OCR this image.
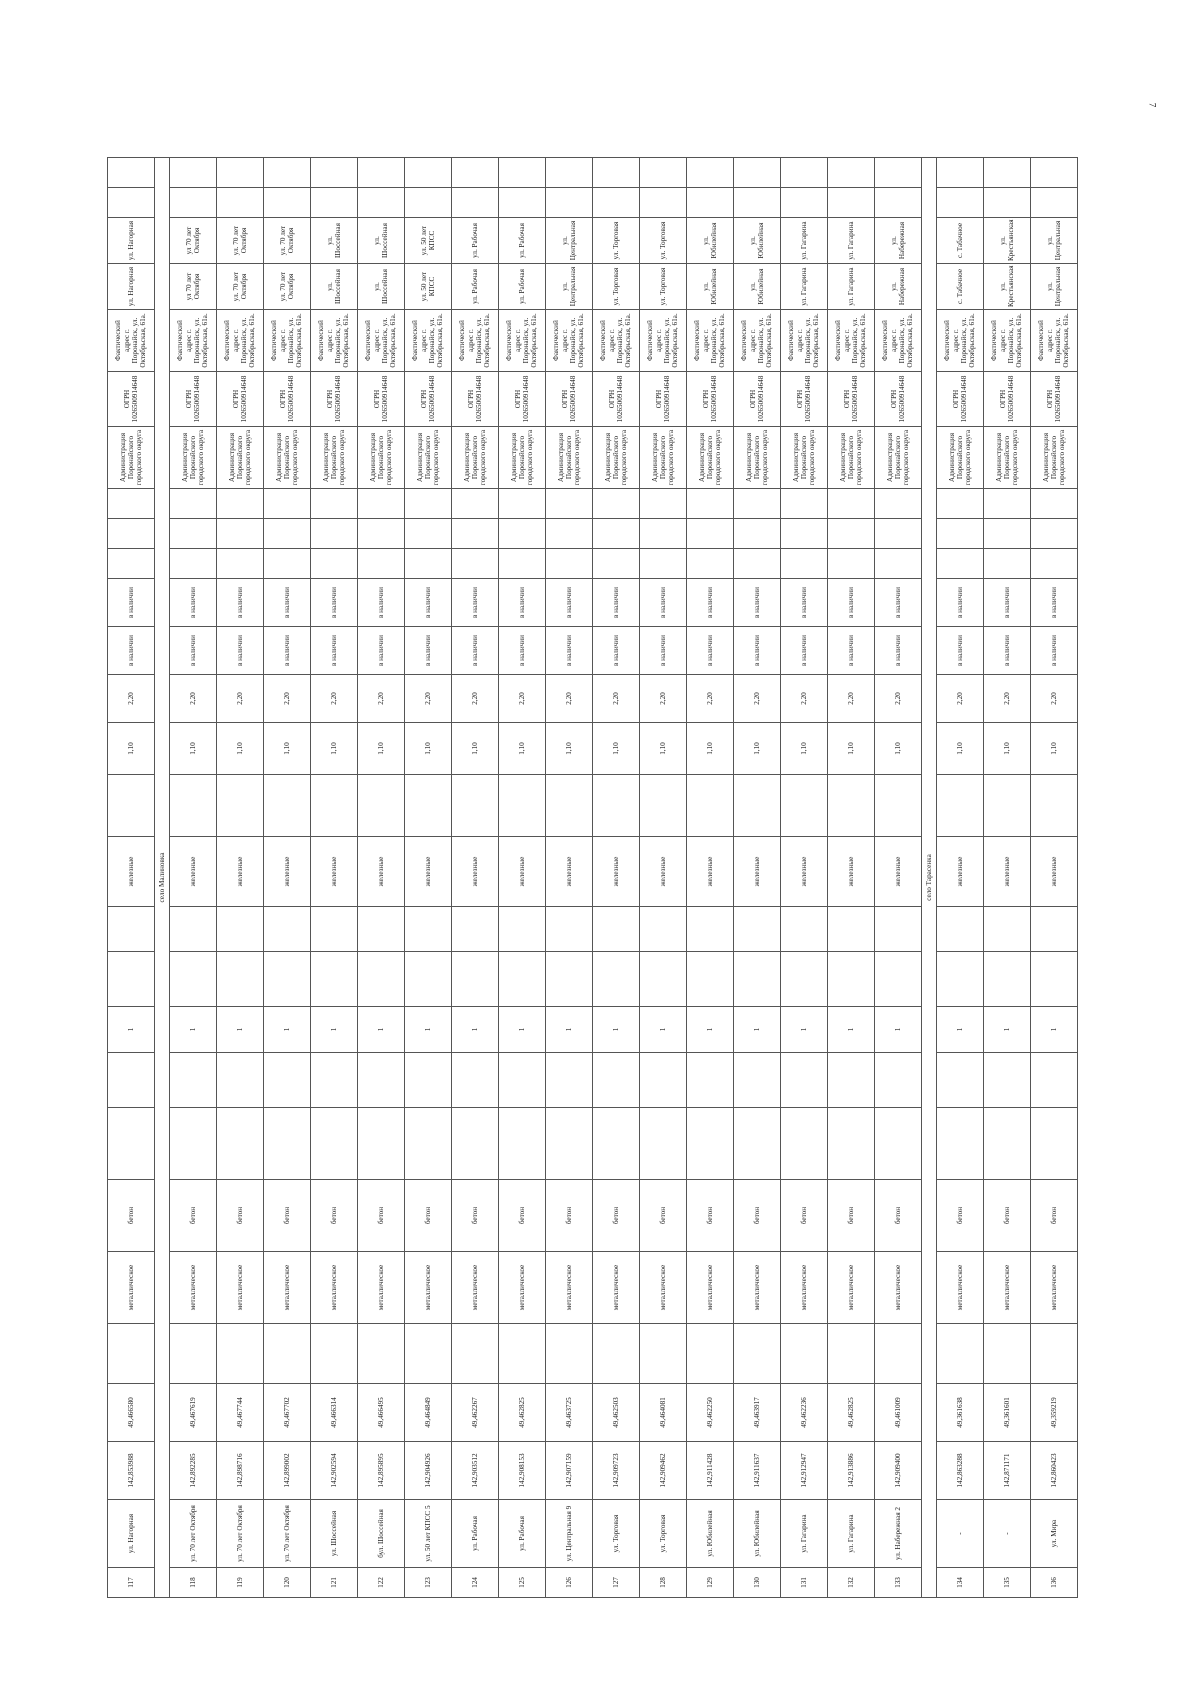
7
117	ул. Нагорная	142,853988	49,466580		металлическое	бетон			1			железные		1,10	2,20	в наличии	в наличии				Администрация Поронайского городского округа	ОГРН 1026500914648	Фактический адрес г. Поронайск, ул. Октябрьская, 61а.	ул. Нагорная	ул. Нагорная		
село Малиновка																											
118	ул. 70 лет Октября	142,892285	49,467619		металлическое	бетон			1			железные		1,10	2,20	в наличии	в наличии				Администрация Поронайского городского округа	ОГРН 1026500914648	Фактический адрес г. Поронайск, ул. Октябрьская, 61а.	ул 70 лет Октября	ул 70 лет Октября		
119	ул. 70 лет Октября	142,898716	49,467744		металлическое	бетон			1			железные		1,10	2,20	в наличии	в наличии				Администрация Поронайского городского округа	ОГРН 1026500914648	Фактический адрес г. Поронайск, ул. Октябрьская, 61а.	ул. 70 лет Октября	ул. 70 лет Октября		
120	ул. 70 лет Октября	142,899002	49,467702		металлическое	бетон			1			железные		1,10	2,20	в наличии	в наличии				Администрация Поронайского городского округа	ОГРН 1026500914648	Фактический адрес г. Поронайск, ул. Октябрьская, 61а.	ул. 70 лет Октября	ул. 70 лет Октября		
121	ул. Шоссейная	142,902594	49,466314		металлическое	бетон			1			железные		1,10	2,20	в наличии	в наличии				Администрация Поронайского городского округа	ОГРН 1026500914648	Фактический адрес г. Поронайск, ул. Октябрьская, 61а.	ул. Шоссейная	ул. Шоссейная		
122	бул. Шоссейная	142,895895	49,466495		металлическое	бетон			1			железные		1,10	2,20	в наличии	в наличии				Администрация Поронайского городского округа	ОГРН 1026500914648	Фактический адрес г. Поронайск, ул. Октябрьская, 61а.	ул. Шоссейная	ул. Шоссейная		
123	ул. 50 лет КПСС 5	142,904926	49,464849		металлическое	бетон			1			железные		1,10	2,20	в наличии	в наличии				Администрация Поронайского городского округа	ОГРН 1026500914648	Фактический адрес г. Поронайск, ул. Октябрьская, 61а.	ул. 50 лет КПСС	ул. 50 лет КПСС		
124	ул. Рабочая	142,903512	49,462267		металлическое	бетон			1			железные		1,10	2,20	в наличии	в наличии				Администрация Поронайского городского округа	ОГРН 1026500914648	Фактический адрес г. Поронайск, ул. Октябрьская, 61а.	ул. Рабочая	ул. Рабочая		
125	ул. Рабочая	142,908153	49,462825		металлическое	бетон			1			железные		1,10	2,20	в наличии	в наличии				Администрация Поронайского городского округа	ОГРН 1026500914648	Фактический адрес г. Поронайск, ул. Октябрьская, 61а.	ул. Рабочая	ул. Рабочая		
126	ул. Центральная 9	142,907159	49,463725		металлическое	бетон			1			железные		1,10	2,20	в наличии	в наличии				Администрация Поронайского городского округа	ОГРН 1026500914648	Фактический адрес г. Поронайск, ул. Октябрьская, 61а.	ул. Центральная	ул. Центральная		
127	ул. Торговая	142,909723	49,462503		металлическое	бетон			1			железные		1,10	2,20	в наличии	в наличии				Администрация Поронайского городского округа	ОГРН 1026500914648	Фактический адрес г. Поронайск, ул. Октябрьская, 61а.	ул. Торговая	ул. Торговая		
128	ул. Торговая	142,909462	49,464081		металлическое	бетон			1			железные		1,10	2,20	в наличии	в наличии				Администрация Поронайского городского округа	ОГРН 1026500914648	Фактический адрес г. Поронайск, ул. Октябрьская, 61а.	ул. Торговая	ул. Торговая		
129	ул. Юбилейная	142,911428	49,462250		металлическое	бетон			1			железные		1,10	2,20	в наличии	в наличии				Администрация Поронайского городского округа	ОГРН 1026500914648	Фактический адрес г. Поронайск, ул. Октябрьская, 61а.	ул. Юбилейная	ул. Юбилейная		
130	ул. Юбилейная	142,911637	49,463917		металлическое	бетон			1			железные		1,10	2,20	в наличии	в наличии				Администрация Поронайского городского округа	ОГРН 1026500914648	Фактический адрес г. Поронайск, ул. Октябрьская, 61а.	ул. Юбилейная	ул. Юбилейная		
131	ул. Гагарина	142,912947	49,462236		металлическое	бетон			1			железные		1,10	2,20	в наличии	в наличии				Администрация Поронайского городского округа	ОГРН 1026500914648	Фактический адрес г. Поронайск, ул. Октябрьская, 61а.	ул. Гагарина	ул. Гагарина		
132	ул. Гагарина	142,913886	49,462825		металлическое	бетон			1			железные		1,10	2,20	в наличии	в наличии				Администрация Поронайского городского округа	ОГРН 1026500914648	Фактический адрес г. Поронайск, ул. Октябрьская, 61а.	ул. Гагарина	ул. Гагарина		
133	ул. Набережная 2	142,909400	49,461009		металлическое	бетон			1			железные		1,10	2,20	в наличии	в наличии				Администрация Поронайского городского округа	ОГРН 1026500914648	Фактический адрес г. Поронайск, ул. Октябрьская, 61а.	ул. Набережная	ул. Набережная		
село Тарасенка																											
134	-	142,863288	49,361638		металлическое	бетон			1			железные		1,10	2,20	в наличии	в наличии				Администрация Поронайского городского округа	ОГРН 1026500914648	Фактический адрес г. Поронайск, ул. Октябрьская, 61а.	с. Табачное	с. Табачное		
135	-	142,871171	49,361601		металлическое	бетон			1			железные		1,10	2,20	в наличии	в наличии				Администрация Поронайского городского округа	ОГРН 1026500914648	Фактический адрес г. Поронайск, ул. Октябрьская, 61а.	ул. Крестьянская	ул. Крестьянская		
136	ул. Мира	142,860423	49,359219		металлическое	бетон			1			железные		1,10	2,20	в наличии	в наличии				Администрация Поронайского городского округа	ОГРН 1026500914648	Фактический адрес г. Поронайск, ул. Октябрьская, 61а.	ул. Центральная	ул. Центральная		
